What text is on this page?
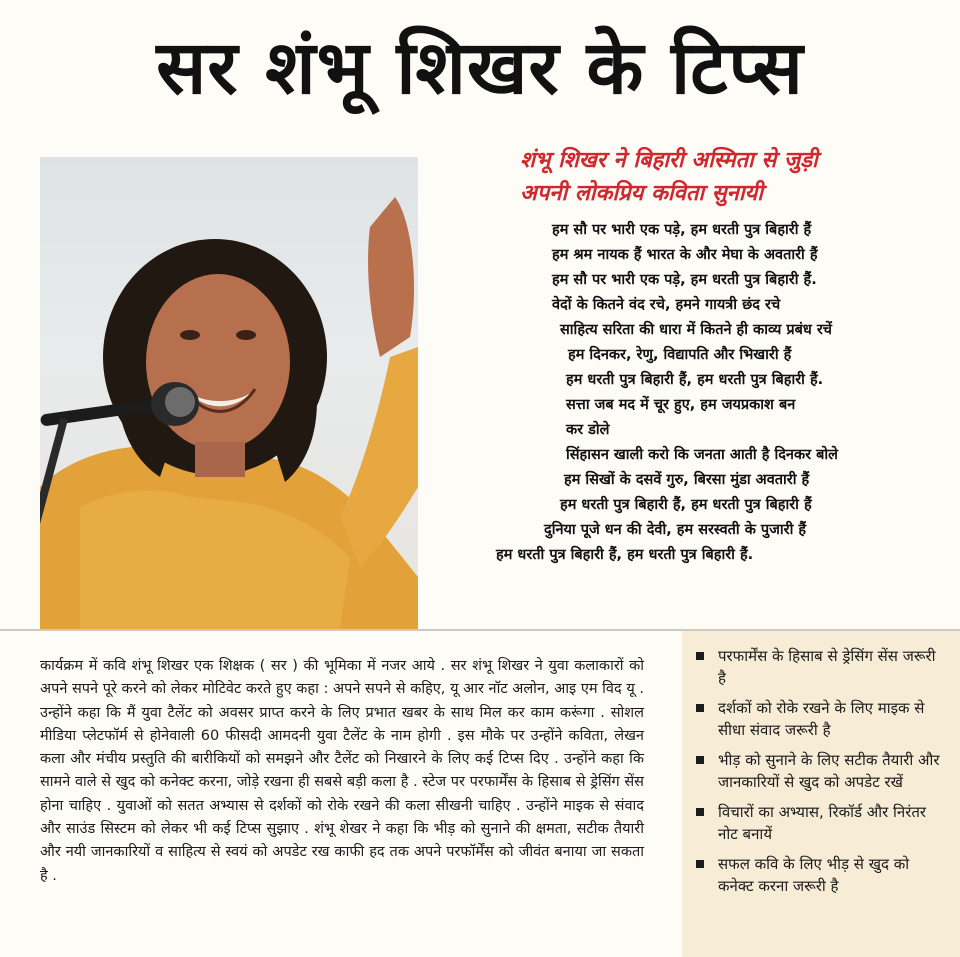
सर शंभू शिखर के टिप्स
शंभू शिखर ने बिहारी अस्मिता से जुड़ी
अपनी लोकप्रिय कविता सुनायी
हम सौ पर भारी एक पड़े, हम धरती पुत्र बिहारी हैं
हम श्रम नायक हैं भारत के और मेघा के अवतारी हैं
हम सौ पर भारी एक पड़े, हम धरती पुत्र बिहारी हैं.
वेदों के कितने वंद रचे, हमने गायत्री छंद रचे
साहित्य सरिता की धारा में कितने ही काव्य प्रबंध रचें
हम दिनकर, रेणु, विद्यापति और भिखारी हैं
हम धरती पुत्र बिहारी हैं, हम धरती पुत्र बिहारी हैं.
सत्ता जब मद में चूर हुए, हम जयप्रकाश बन
कर डोले
सिंहासन खाली करो कि जनता आती है दिनकर बोले
हम सिखों के दसवें गुरु, बिरसा मुंडा अवतारी हैं
हम धरती पुत्र बिहारी हैं, हम धरती पुत्र बिहारी हैं
दुनिया पूजे धन की देवी, हम सरस्वती के पुजारी हैं
हम धरती पुत्र बिहारी हैं, हम धरती पुत्र बिहारी हैं.
कार्यक्रम में कवि शंभू शिखर एक शिक्षक ( सर ) की भूमिका में नजर आये . सर शंभू शिखर ने युवा कलाकारों को अपने सपने पूरे करने को लेकर मोटिवेट करते हुए कहा : अपने सपने से कहिए, यू आर नॉट अलोन, आइ एम विद यू . उन्होंने कहा कि मैं युवा टैलेंट को अवसर प्राप्त करने के लिए प्रभात खबर के साथ मिल कर काम करूंगा . सोशल मीडिया प्लेटफॉर्म से होनेवाली 60 फीसदी आमदनी युवा टैलेंट के नाम होगी . इस मौके पर उन्होंने कविता, लेखन कला और मंचीय प्रस्तुति की बारीकियों को समझने और टैलेंट को निखारने के लिए कई टिप्स दिए . उन्होंने कहा कि सामने वाले से खुद को कनेक्ट करना, जोड़े रखना ही सबसे बड़ी कला है . स्टेज पर परफार्मेंस के हिसाब से ड्रेसिंग सेंस होना चाहिए . युवाओं को सतत अभ्यास से दर्शकों को रोके रखने की कला सीखनी चाहिए . उन्होंने माइक से संवाद और साउंड सिस्टम को लेकर भी कई टिप्स सुझाए . शंभू शेखर ने कहा कि भीड़ को सुनाने की क्षमता, सटीक तैयारी और नयी जानकारियों व साहित्य से स्वयं को अपडेट रख काफी हद तक अपने परफॉर्मेंस को जीवंत बनाया जा सकता है .
परफार्मेंस के हिसाब से ड्रेसिंग सेंस जरूरी है
दर्शकों को रोके रखने के लिए माइक से सीधा संवाद जरूरी है
भीड़ को सुनाने के लिए सटीक तैयारी और जानकारियों से खुद को अपडेट रखें
विचारों का अभ्यास, रिकॉर्ड और निरंतर नोट बनायें
सफल कवि के लिए भीड़ से खुद को कनेक्ट करना जरूरी है
